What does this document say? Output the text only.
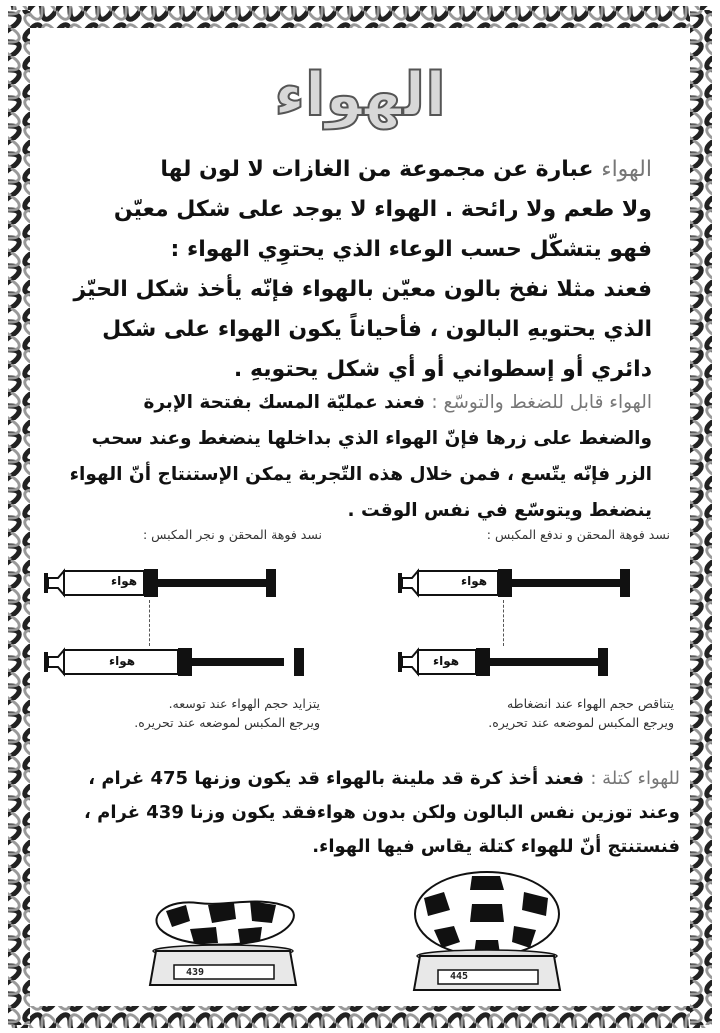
الهواء
الهواء عبارة عن مجموعة من الغازات لا لون لها
ولا طعم ولا رائحة . الهواء لا يوجد على شكل معيّن
فهو يتشكّل حسب الوعاء الذي يحتوِي الهواء :
فعند مثلا نفخ بالون معيّن بالهواء فإنّه يأخذ شكل الحيّز
الذي يحتويهِ البالون ، فأحياناً يكون الهواء على شكل
دائري أو إسطواني أو أي شكل يحتويهِ .
الهواء قابل للضغط والتوسّع : فعند عمليّة المسك بفتحة الإبرة
والضغط على زرها فإنّ الهواء الذي بداخلها ينضغط وعند سحب
الزر فإنّه يتّسع ، فمن خلال هذه التّجربة يمكن الإستنتاج أنّ الهواء
ينضغط ويتوسّع في نفس الوقت .
نسد فوهة المحقن و ندفع المكبس :
نسد فوهة المحقن و نجر المكبس :
هواء
هواء
هواء
هواء
يتزايد حجم الهواء عند توسعه.
ويرجع المكبس لموضعه عند تحريره.
يتناقص حجم الهواء عند انضغاطه
ويرجع المكبس لموضعه عند تحريره.
للهواء كتلة : فعند أخذ كرة قد ملينة بالهواء قد يكون وزنها 475 غرام ،
وعند توزين نفس البالون ولكن بدون هواءفقد يكون وزنا 439 غرام ،
فنستنتج أنّ للهواء كتلة يقاس فيها الهواء.
439	445
